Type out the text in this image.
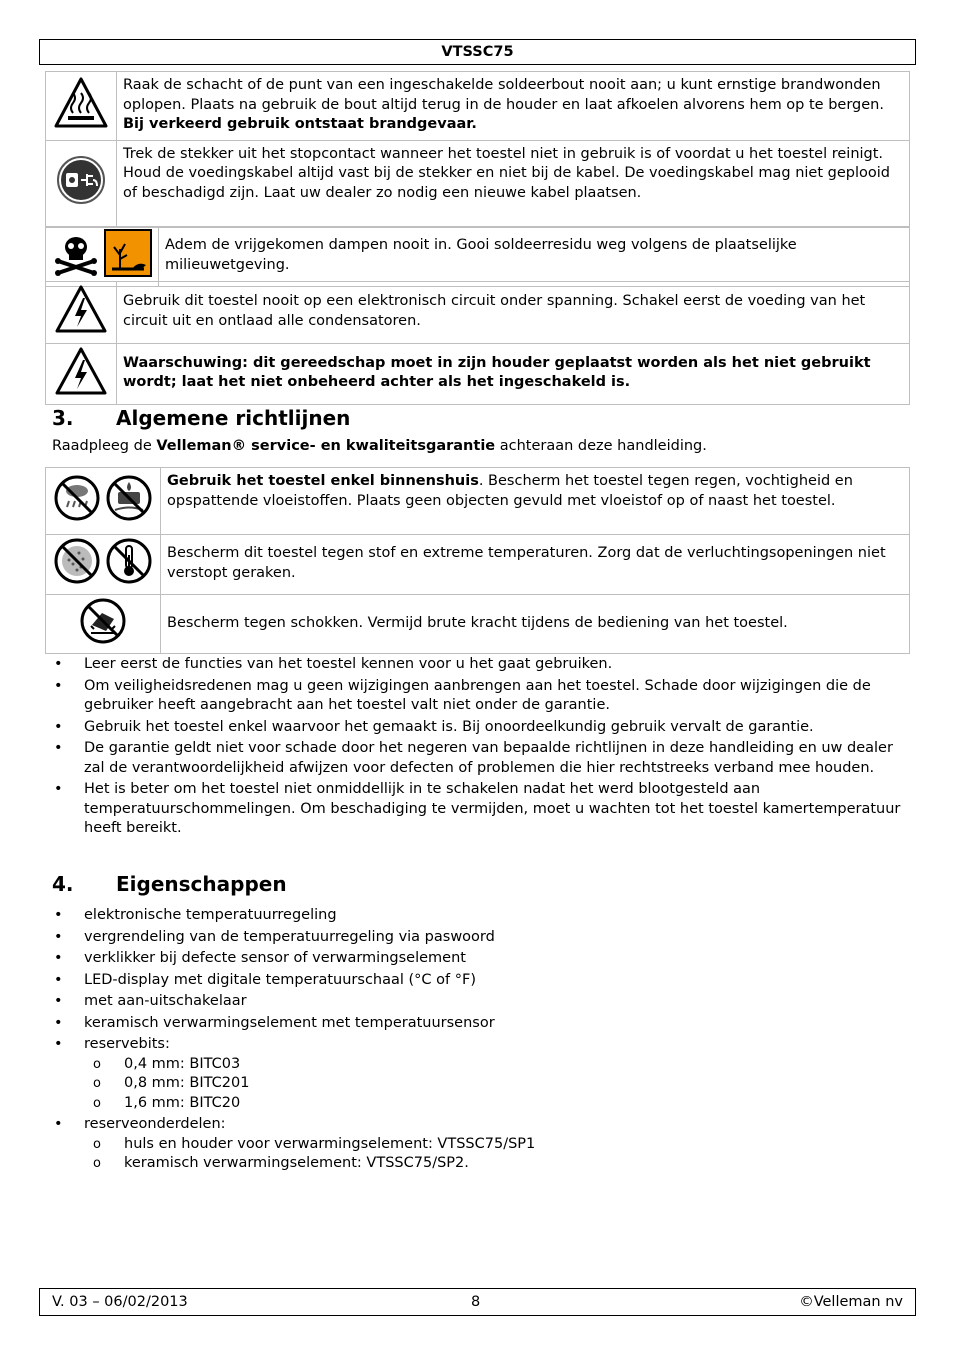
VTSSC75
	Raak de schacht of de punt van een ingeschakelde soldeerbout nooit aan; u kunt ernstige brandwonden oplopen. Plaats na gebruik de bout altijd terug in de houder en laat afkoelen alvorens hem op te bergen. Bij verkeerd gebruik ontstaat brandgevaar.
	Trek de stekker uit het stopcontact wanneer het toestel niet in gebruik is of voordat u het toestel reinigt. Houd de voedingskabel altijd vast bij de stekker en niet bij de kabel. De voedingskabel mag niet geplooid of beschadigd zijn. Laat uw dealer zo nodig een nieuwe kabel plaatsen.
	Adem de vrijgekomen dampen nooit in. Gooi soldeerresidu weg volgens de plaatselijke milieuwetgeving.
	Gebruik dit toestel nooit op een elektronisch circuit onder spanning. Schakel eerst de voeding van het circuit uit en ontlaad alle condensatoren.
	Waarschuwing: dit gereedschap moet in zijn houder geplaatst worden als het niet gebruikt wordt; laat het niet onbeheerd achter als het ingeschakeld is.
3. Algemene richtlijnen
Raadpleeg de Velleman® service- en kwaliteitsgarantie achteraan deze handleiding.
	Gebruik het toestel enkel binnenshuis. Bescherm het toestel tegen regen, vochtigheid en opspattende vloeistoffen. Plaats geen objecten gevuld met vloeistof op of naast het toestel.
	Bescherm dit toestel tegen stof en extreme temperaturen. Zorg dat de verluchtingsopeningen niet verstopt geraken.
	Bescherm tegen schokken. Vermijd brute kracht tijdens de bediening van het toestel.
• Leer eerst de functies van het toestel kennen voor u het gaat gebruiken.
• Om veiligheidsredenen mag u geen wijzigingen aanbrengen aan het toestel. Schade door wijzigingen die de gebruiker heeft aangebracht aan het toestel valt niet onder de garantie.
• Gebruik het toestel enkel waarvoor het gemaakt is. Bij onoordeelkundig gebruik vervalt de garantie.
• De garantie geldt niet voor schade door het negeren van bepaalde richtlijnen in deze handleiding en uw dealer zal de verantwoordelijkheid afwijzen voor defecten of problemen die hier rechtstreeks verband mee houden.
• Het is beter om het toestel niet onmiddellijk in te schakelen nadat het werd blootgesteld aan temperatuurschommelingen. Om beschadiging te vermijden, moet u wachten tot het toestel kamertemperatuur heeft bereikt.
4. Eigenschappen
• elektronische temperatuurregeling
• vergrendeling van de temperatuurregeling via paswoord
• verklikker bij defecte sensor of verwarmingselement
• LED-display met digitale temperatuurschaal (°C of °F)
• met aan-uitschakelaar
• keramisch verwarmingselement met temperatuursensor
• reservebits:
o 0,4 mm: BITC03
o 0,8 mm: BITC201
o 1,6 mm: BITC20
• reserveonderdelen:
o huls en houder voor verwarmingselement: VTSSC75/SP1
o keramisch verwarmingselement: VTSSC75/SP2.
V. 03 – 06/02/2013	8	©Velleman nv
